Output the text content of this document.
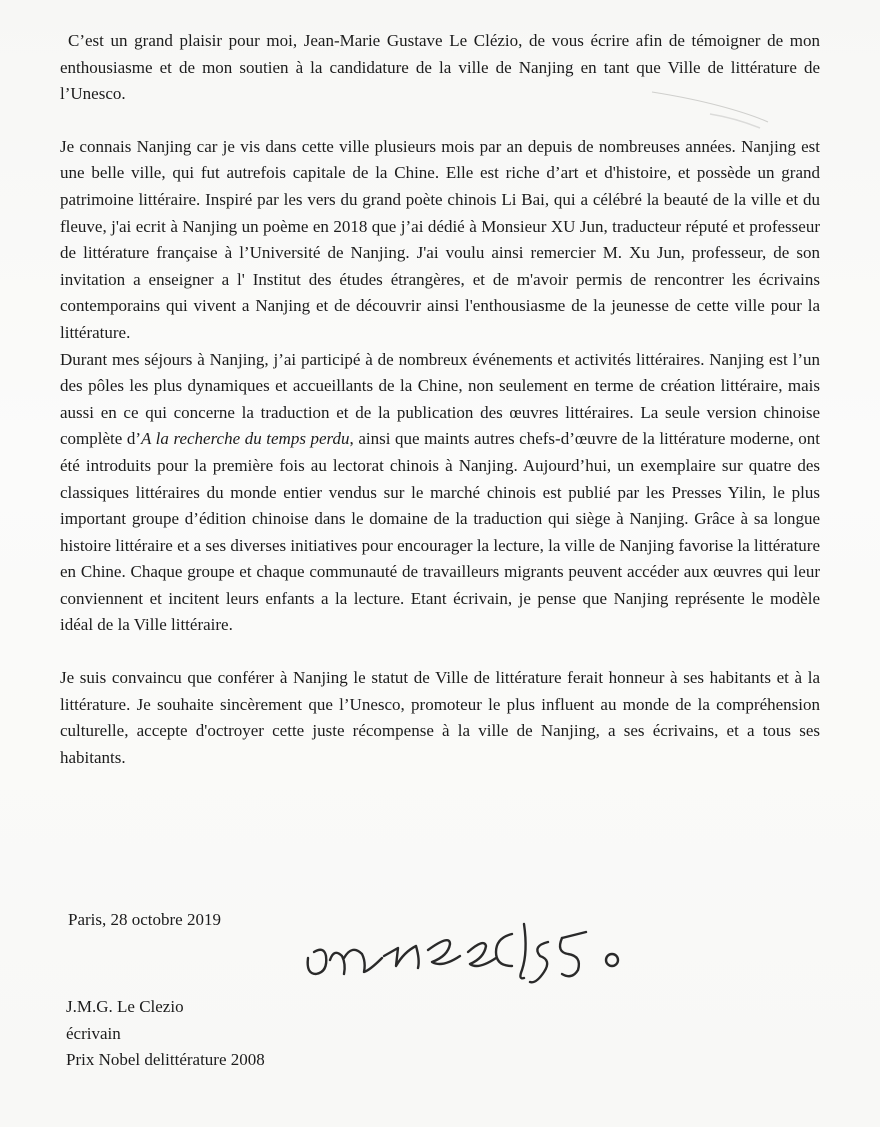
C’est un grand plaisir pour moi, Jean-Marie Gustave Le Clézio, de vous écrire afin de témoigner de mon enthousiasme et de mon soutien à la candidature de la ville de Nanjing en tant que Ville de littérature de l’Unesco.

Je connais Nanjing car je vis dans cette ville plusieurs mois par an depuis de nombreuses années. Nanjing est une belle ville, qui fut autrefois capitale de la Chine. Elle est riche d’art et d'histoire, et possède un grand patrimoine littéraire. Inspiré par les vers du grand poète chinois Li Bai, qui a célébré la beauté de la ville et du fleuve, j'ai ecrit à Nanjing un poème en 2018 que j’ai dédié à Monsieur XU Jun, traducteur réputé et professeur de littérature française à l’Université de Nanjing. J'ai voulu ainsi remercier M. Xu Jun, professeur, de son invitation a enseigner a l' Institut des études étrangères, et de m'avoir permis de rencontrer les écrivains contemporains qui vivent a Nanjing et de découvrir ainsi l'enthousiasme de la jeunesse de cette ville pour la littérature.

Durant mes séjours à Nanjing, j’ai participé à de nombreux événements et activités littéraires. Nanjing est l’un des pôles les plus dynamiques et accueillants de la Chine, non seulement en terme de création littéraire, mais aussi en ce qui concerne la traduction et de la publication des œuvres littéraires. La seule version chinoise complète d’A la recherche du temps perdu, ainsi que maints autres chefs-d’œuvre de la littérature moderne, ont été introduits pour la première fois au lectorat chinois à Nanjing. Aujourd’hui, un exemplaire sur quatre des classiques littéraires du monde entier vendus sur le marché chinois est publié par les Presses Yilin, le plus important groupe d’édition chinoise dans le domaine de la traduction qui siège à Nanjing. Grâce à sa longue histoire littéraire et a ses diverses initiatives pour encourager la lecture, la ville de Nanjing favorise la littérature en Chine. Chaque groupe et chaque communauté de travailleurs migrants peuvent accéder aux œuvres qui leur conviennent et incitent leurs enfants a la lecture. Etant écrivain, je pense que Nanjing représente le modèle idéal de la Ville littéraire.

Je suis convaincu que conférer à Nanjing le statut de Ville de littérature ferait honneur à ses habitants et à la littérature. Je souhaite sincèrement que l’Unesco, promoteur le plus influent au monde de la compréhension culturelle, accepte d'octroyer cette juste récompense à la ville de Nanjing, a ses écrivains, et a tous ses habitants.

Paris, 28 octobre 2019
J.M.G. Le Clezio
écrivain
Prix Nobel delittérature 2008
